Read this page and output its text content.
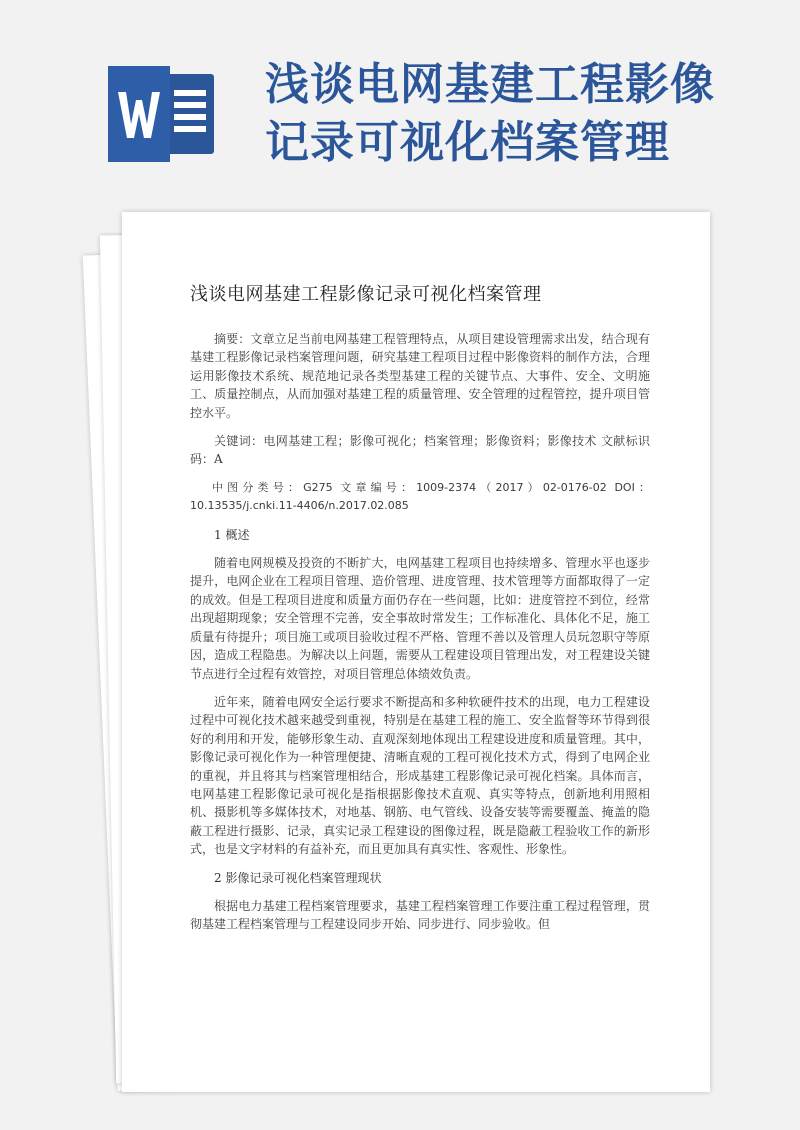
浅谈电网基建工程影像
记录可视化档案管理
浅谈电网基建工程影像记录可视化档案管理

摘要：文章立足当前电网基建工程管理特点，从项目建设管理需求出发，结合现有基建工程影像记录档案管理问题，研究基建工程项目过程中影像资料的制作方法，合理运用影像技术系统、规范地记录各类型基建工程的关键节点、大事件、安全、文明施工、质量控制点，从而加强对基建工程的质量管理、安全管理的过程管控，提升项目管控水平。

关键词：电网基建工程；影像可视化；档案管理；影像资料；影像技术 文献标识码：A

中图分类号：G275 文章编号：1009-2374（2017）02-0176-02 DOI：10.13535/j.cnki.11-4406/n.2017.02.085

1 概述

随着电网规模及投资的不断扩大，电网基建工程项目也持续增多、管理水平也逐步提升，电网企业在工程项目管理、造价管理、进度管理、技术管理等方面都取得了一定的成效。但是工程项目进度和质量方面仍存在一些问题，比如：进度管控不到位，经常出现超期现象；安全管理不完善，安全事故时常发生；工作标准化、具体化不足，施工质量有待提升；项目施工或项目验收过程不严格、管理不善以及管理人员玩忽职守等原因，造成工程隐患。为解决以上问题，需要从工程建设项目管理出发，对工程建设关键节点进行全过程有效管控，对项目管理总体绩效负责。

近年来，随着电网安全运行要求不断提高和多种软硬件技术的出现，电力工程建设过程中可视化技术越来越受到重视，特别是在基建工程的施工、安全监督等环节得到很好的利用和开发，能够形象生动、直观深刻地体现出工程建设进度和质量管理。其中，影像记录可视化作为一种管理便捷、清晰直观的工程可视化技术方式，得到了电网企业的重视，并且将其与档案管理相结合，形成基建工程影像记录可视化档案。具体而言，电网基建工程影像记录可视化是指根据影像技术直观、真实等特点，创新地利用照相机、摄影机等多媒体技术，对地基、钢筋、电气管线、设备安装等需要覆盖、掩盖的隐蔽工程进行摄影、记录，真实记录工程建设的图像过程，既是隐蔽工程验收工作的新形式，也是文字材料的有益补充，而且更加具有真实性、客观性、形象性。

2 影像记录可视化档案管理现状

根据电力基建工程档案管理要求，基建工程档案管理工作要注重工程过程管理，贯彻基建工程档案管理与工程建设同步开始、同步进行、同步验收。但
